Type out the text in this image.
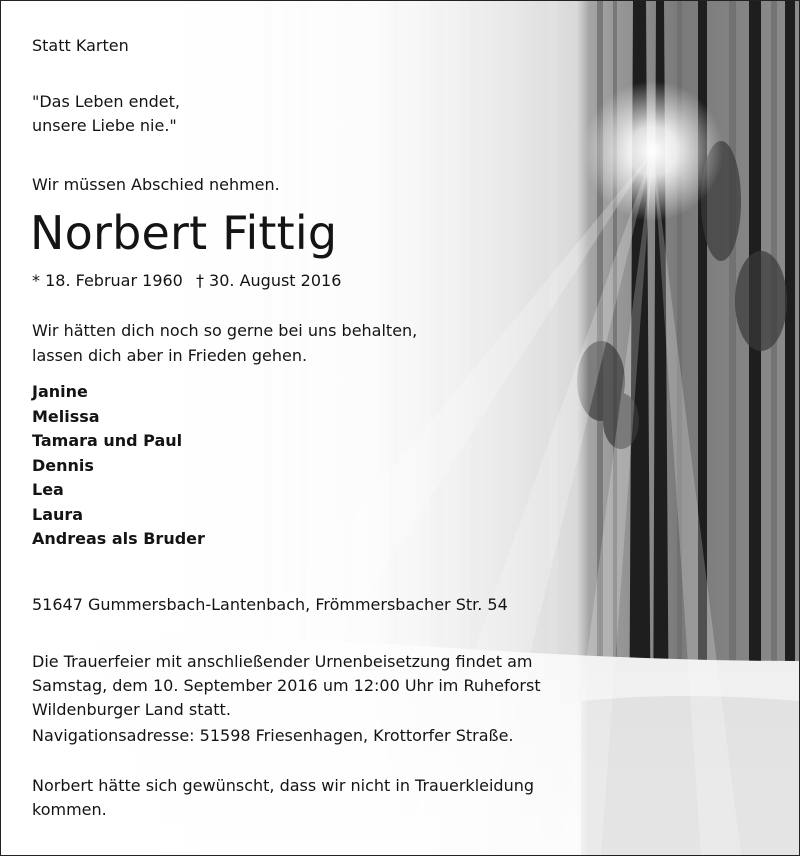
Statt Karten

"Das Leben endet,

unsere Liebe nie."

Wir müssen Abschied nehmen.

Norbert Fittig

* 18. Februar 1960 † 30. August 2016

Wir hätten dich noch so gerne bei uns behalten,

lassen dich aber in Frieden gehen.

Janine
Melissa
Tamara und Paul
Dennis
Lea
Laura
Andreas als Bruder

51647 Gummersbach-Lantenbach, Frömmersbacher Str. 54

Die Trauerfeier mit anschließender Urnenbeisetzung findet am

Samstag, dem 10. September 2016 um 12:00 Uhr im Ruheforst

Wildenburger Land statt.

Navigationsadresse: 51598 Friesenhagen, Krottorfer Straße.

Norbert hätte sich gewünscht, dass wir nicht in Trauerkleidung

kommen.
